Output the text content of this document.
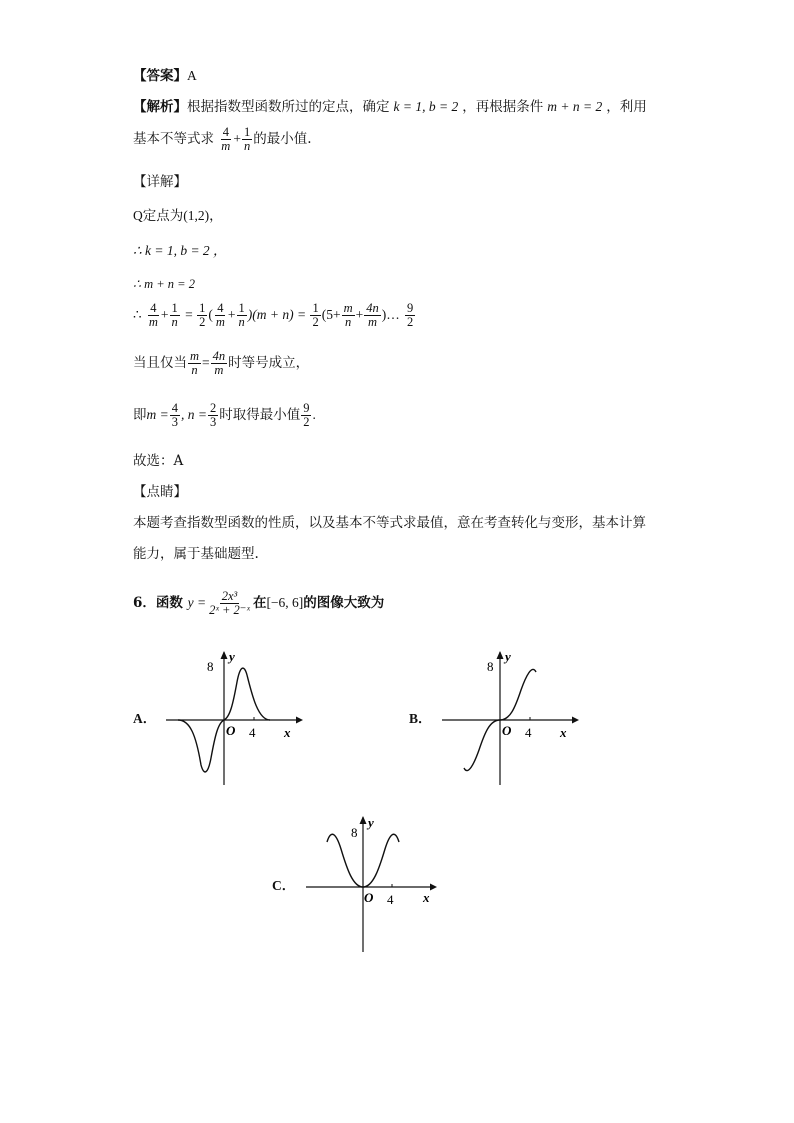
【答案】A
【解析】根据指数型函数所过的定点，确定 k = 1, b = 2 ，再根据条件 m + n = 2 ，利用
基本不等式求 $\frac{4}{m} + \frac{1}{n}$ 的最小值.
【详解】
Q定点为(1,2)，
∴ k = 1, b = 2 ，
∴ m + n = 2
∴ $\frac{4}{m} + \frac{1}{n} = \frac{1}{2}$ ( $\frac{4}{m} + \frac{1}{n} )(m + n) = \frac{1}{2} (5+ \frac{m}{n} + \frac{4n}{m}$ )… $\frac{9}{2}$
当且仅当 $\frac{m}{n} = \frac{4n}{m}$ 时等号成立，
即$m = \frac{4}{3}$ , $n = \frac{2}{3}$ 时取得最小值 $\frac{9}{2}$ .
故选：A
【点睛】
本题考查指数型函数的性质，以及基本不等式求最值，意在考查转化与变形，基本计算
能力，属于基础题型.
6．函数 $y = \frac{\text{2x³}}{\text{2ˣ + 2⁻ˣ}}$ 在[−6, 6]的图像大致为
A．
8
4
O	x
y
B．
8
4
O	x
y
C．
8
4
O	x
y
